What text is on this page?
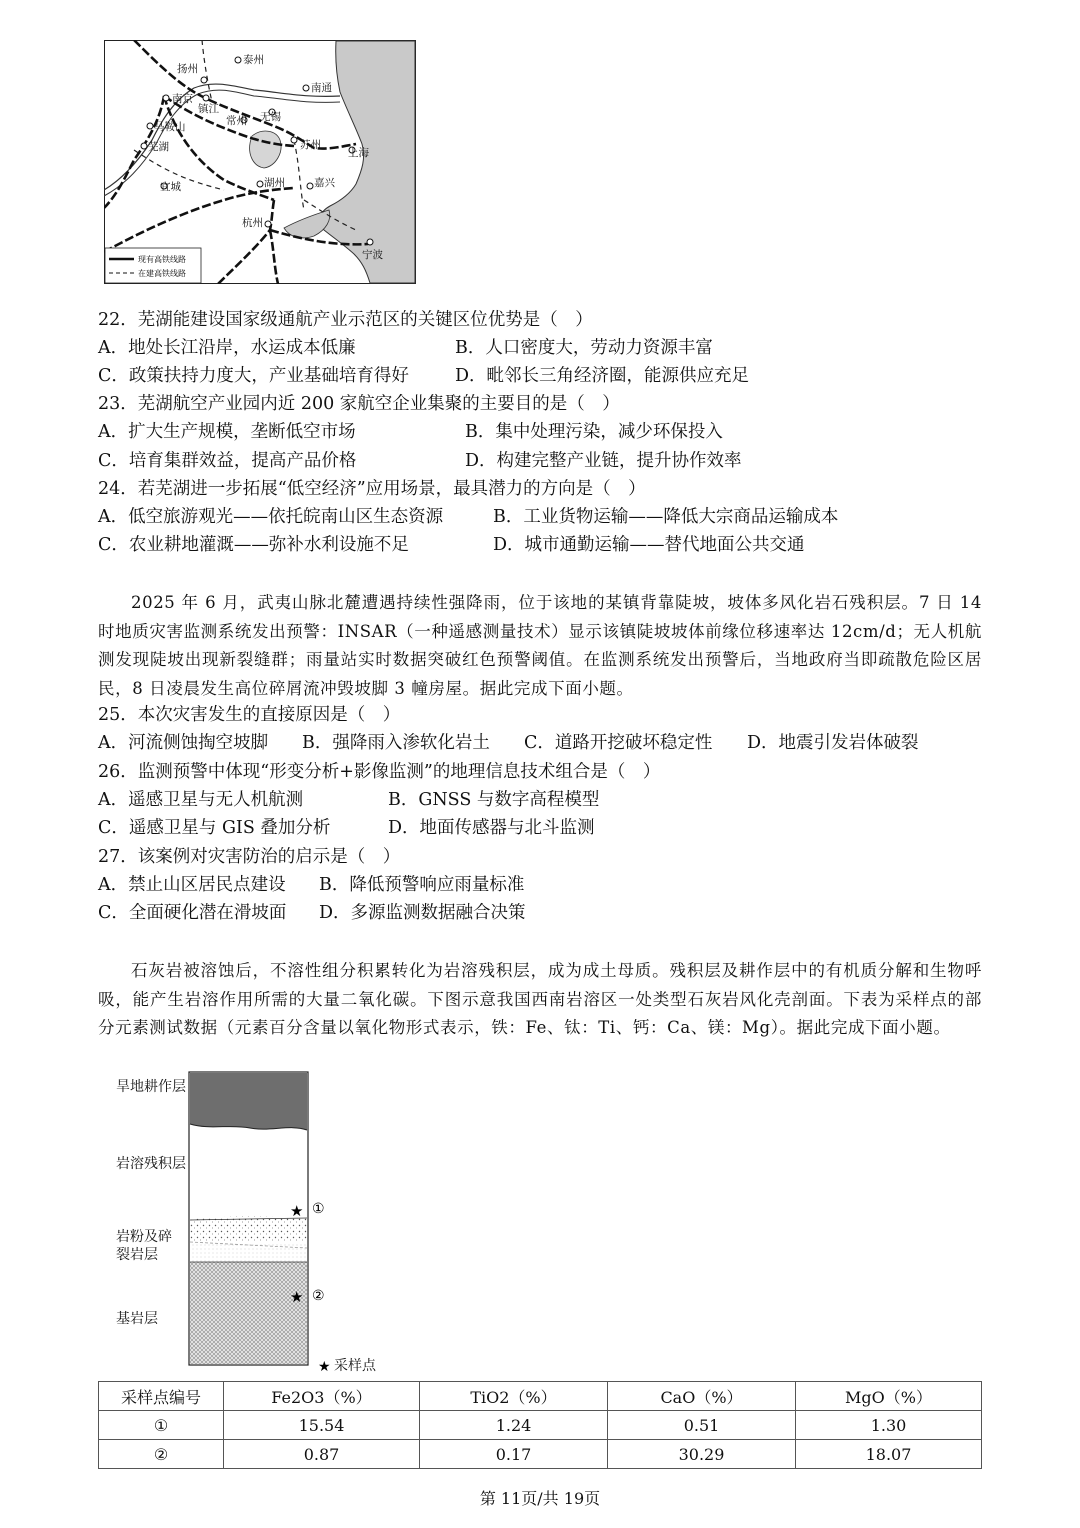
泰州
扬州
南通
南京
镇江
马鞍山	常州 无锡
芜湖	苏州
上海
宜城	湖州	嘉兴
杭州
宁波
现有高铁线路
在建高铁线路
22．芜湖能建设国家级通航产业示范区的关键区位优势是（　）
A．地处长江沿岸，水运成本低廉	B．人口密度大，劳动力资源丰富
C．政策扶持力度大，产业基础培育得好	D．毗邻长三角经济圈，能源供应充足
23．芜湖航空产业园内近 200 家航空企业集聚的主要目的是（　）
A．扩大生产规模，垄断低空市场	B．集中处理污染，减少环保投入
C．培育集群效益，提高产品价格	D．构建完整产业链，提升协作效率
24．若芜湖进一步拓展“低空经济”应用场景，最具潜力的方向是（　）
A．低空旅游观光——依托皖南山区生态资源	B．工业货物运输——降低大宗商品运输成本
C．农业耕地灌溉——弥补水利设施不足	D．城市通勤运输——替代地面公共交通
2025 年 6 月，武夷山脉北麓遭遇持续性强降雨，位于该地的某镇背靠陡坡，坡体多风化岩石残积层。7 日 14 时地质灾害监测系统发出预警：INSAR（一种遥感测量技术）显示该镇陡坡坡体前缘位移速率达 12cm/d；无人机航测发现陡坡出现新裂缝群；雨量站实时数据突破红色预警阈值。在监测系统发出预警后，当地政府当即疏散危险区居民，8 日凌晨发生高位碎屑流冲毁坡脚 3 幢房屋。据此完成下面小题。
25．本次灾害发生的直接原因是（　）
A．河流侧蚀掏空坡脚 B．强降雨入渗软化岩土 C．道路开挖破坏稳定性 D．地震引发岩体破裂
26．监测预警中体现“形变分析+影像监测”的地理信息技术组合是（　）
A．遥感卫星与无人机航测	B．GNSS 与数字高程模型
C．遥感卫星与 GIS 叠加分析	D．地面传感器与北斗监测
27．该案例对灾害防治的启示是（　）
A．禁止山区居民点建设 B．降低预警响应雨量标准
C．全面硬化潜在滑坡面 D．多源监测数据融合决策
石灰岩被溶蚀后，不溶性组分积累转化为岩溶残积层，成为成土母质。残积层及耕作层中的有机质分解和生物呼吸，能产生岩溶作用所需的大量二氧化碳。下图示意我国西南岩溶区一处类型石灰岩风化壳剖面。下表为采样点的部分元素测试数据（元素百分含量以氧化物形式表示，铁：Fe、钛：Ti、钙：Ca、镁：Mg）。据此完成下面小题。
★
★
①
②
★
旱地耕作层
岩溶残积层
岩粉及碎
裂岩层
基岩层
采样点
采样点编号	Fe2O3（%）	TiO2（%）	CaO（%）	MgO（%）
①	15.54	1.24	0.51	1.30
②	0.87	0.17	30.29	18.07
第 11页/共 19页
